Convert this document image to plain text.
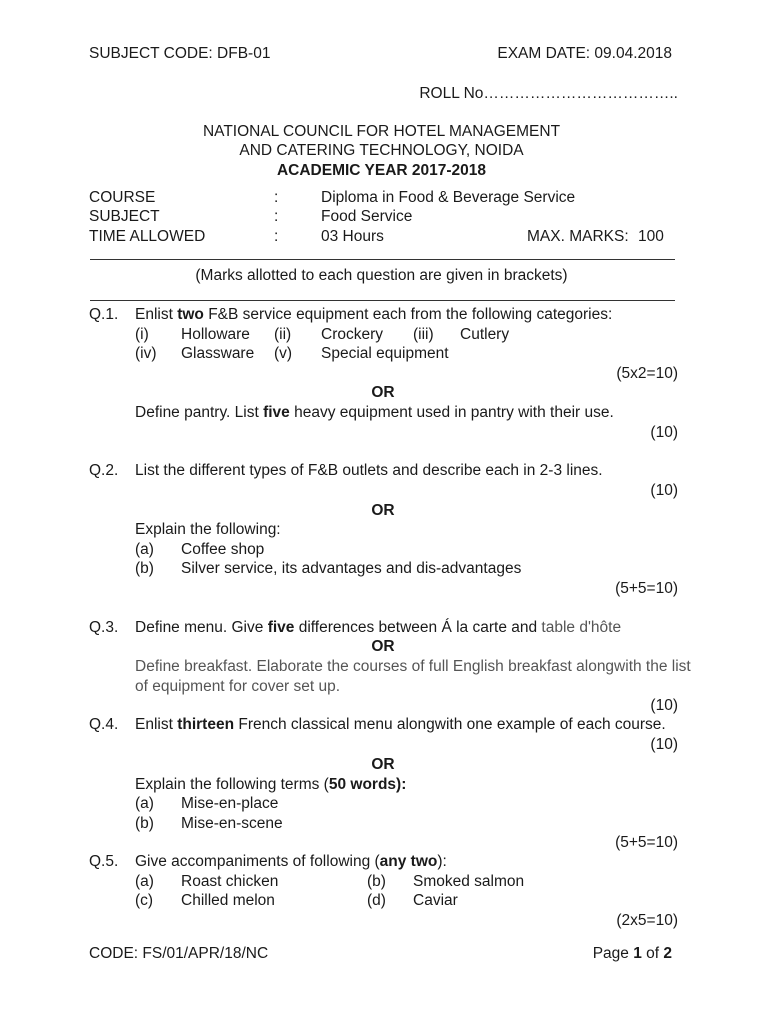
SUBJECT CODE: DFB-01	EXAM DATE: 09.04.2018
ROLL No………………………………..
NATIONAL COUNCIL FOR HOTEL MANAGEMENT
AND CATERING TECHNOLOGY, NOIDA
ACADEMIC YEAR 2017-2018
COURSE	:	Diploma in Food & Beverage Service
SUBJECT	:	Food Service
TIME ALLOWED	:	03 Hours	MAX. MARKS: 100
(Marks allotted to each question are given in brackets)
Q.1. Enlist two F&B service equipment each from the following categories:
(i) Holloware (ii) Crockery (iii) Cutlery
(iv) Glassware (v) Special equipment
(5x2=10)
OR
Define pantry. List five heavy equipment used in pantry with their use.
(10)
Q.2. List the different types of F&B outlets and describe each in 2-3 lines.
(10)
OR
Explain the following:
(a) Coffee shop
(b) Silver service, its advantages and dis-advantages
(5+5=10)
Q.3. Define menu. Give five differences between Á la carte and table d'hôte
OR
Define breakfast. Elaborate the courses of full English breakfast alongwith the list
of equipment for cover set up.
(10)
Q.4. Enlist thirteen French classical menu alongwith one example of each course.
(10)
OR
Explain the following terms (50 words):
(a) Mise-en-place
(b) Mise-en-scene
(5+5=10)
Q.5. Give accompaniments of following (any two):
(a) Roast chicken	(b) Smoked salmon
(c) Chilled melon	(d) Caviar
(2x5=10)
CODE: FS/01/APR/18/NC	Page 1 of 2
